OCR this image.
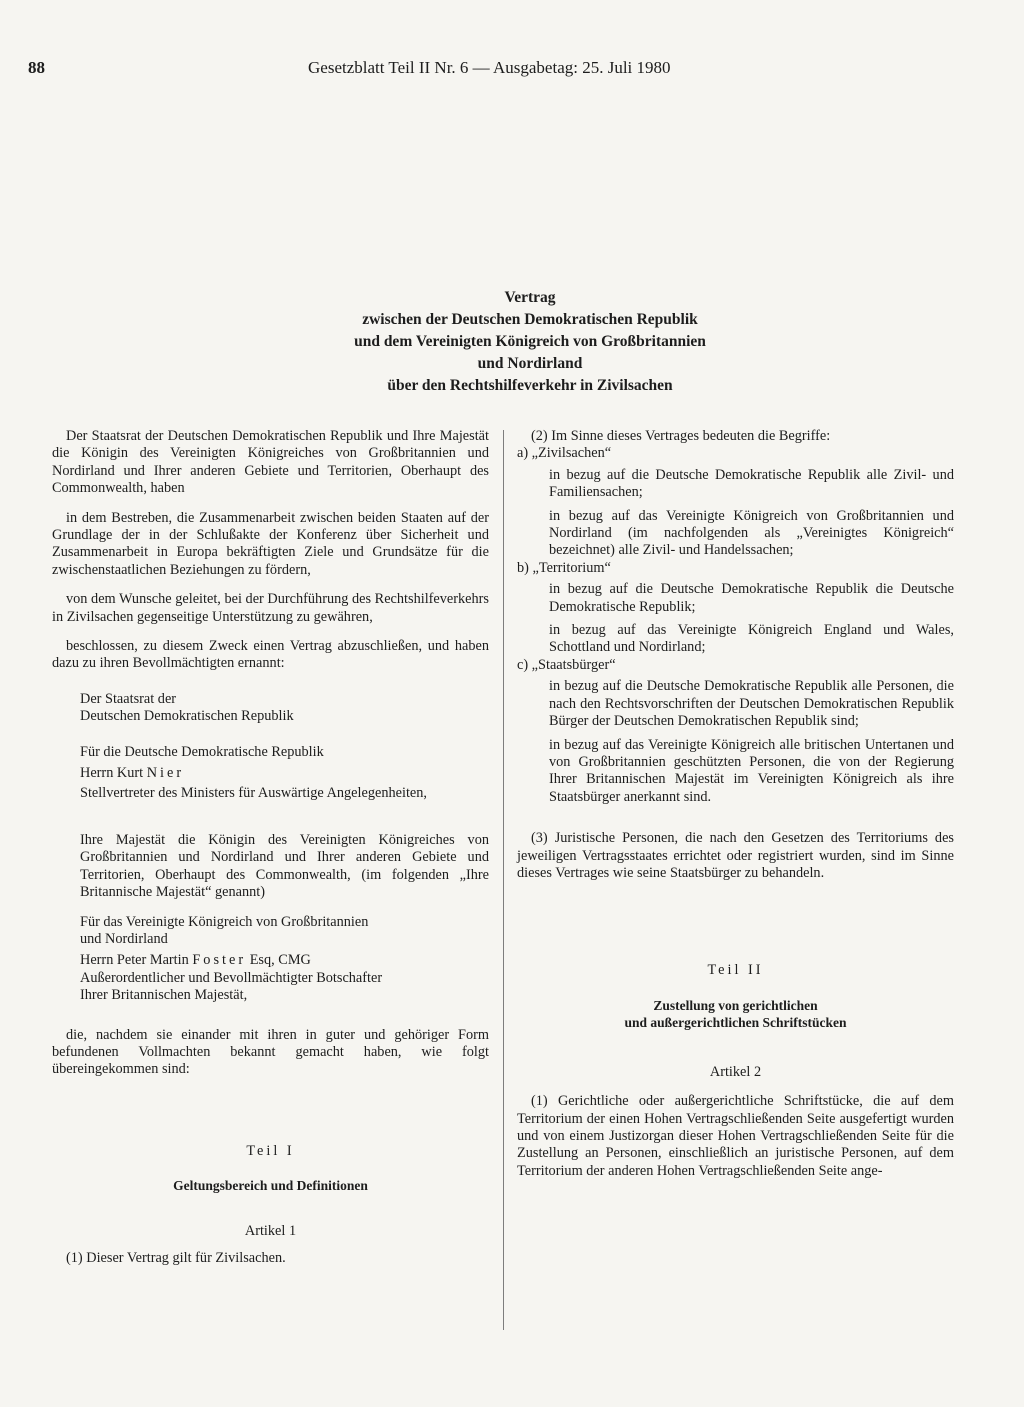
88	Gesetzblatt Teil II Nr. 6 — Ausgabetag: 25. Juli 1980
Vertrag
zwischen der Deutschen Demokratischen Republik
und dem Vereinigten Königreich von Großbritannien
und Nordirland
über den Rechtshilfeverkehr in Zivilsachen

Der Staatsrat der Deutschen Demokratischen Republik und Ihre Majestät die Königin des Vereinigten Königreiches von Großbritannien und Nordirland und Ihrer anderen Gebiete und Territorien, Oberhaupt des Commonwealth, haben

in dem Bestreben, die Zusammenarbeit zwischen beiden Staaten auf der Grundlage der in der Schlußakte der Konferenz über Sicherheit und Zusammenarbeit in Europa bekräftigten Ziele und Grundsätze für die zwischenstaatlichen Beziehungen zu fördern,

von dem Wunsche geleitet, bei der Durchführung des Rechtshilfeverkehrs in Zivilsachen gegenseitige Unterstützung zu gewähren,

beschlossen, zu diesem Zweck einen Vertrag abzuschließen, und haben dazu zu ihren Bevollmächtigten ernannt:

Der Staatsrat der
Deutschen Demokratischen Republik
Für die Deutsche Demokratische Republik
Herrn Kurt Nier

Stellvertreter des Ministers für Auswärtige Angelegenheiten,

Ihre Majestät die Königin des Vereinigten Königreiches von Großbritannien und Nordirland und Ihrer anderen Gebiete und Territorien, Oberhaupt des Commonwealth, (im folgenden „Ihre Britannische Majestät“ genannt)

Für das Vereinigte Königreich von Großbritannien
und Nordirland
Herrn Peter Martin Foster Esq, CMG
Außerordentlicher und Bevollmächtigter Botschafter
Ihrer Britannischen Majestät,

die, nachdem sie einander mit ihren in guter und gehöriger Form befundenen Vollmachten bekannt gemacht haben, wie folgt übereingekommen sind:

Teil I
Geltungsbereich und Definitionen
Artikel 1

(1) Dieser Vertrag gilt für Zivilsachen.

(2) Im Sinne dieses Vertrages bedeuten die Begriffe:

a) „Zivilsachen“

in bezug auf die Deutsche Demokratische Republik alle Zivil- und Familiensachen;

in bezug auf das Vereinigte Königreich von Großbritannien und Nordirland (im nachfolgenden als „Vereinigtes Königreich“ bezeichnet) alle Zivil- und Handelssachen;

b) „Territorium“

in bezug auf die Deutsche Demokratische Republik die Deutsche Demokratische Republik;

in bezug auf das Vereinigte Königreich England und Wales, Schottland und Nordirland;

c) „Staatsbürger“

in bezug auf die Deutsche Demokratische Republik alle Personen, die nach den Rechtsvorschriften der Deutschen Demokratischen Republik Bürger der Deutschen Demokratischen Republik sind;

in bezug auf das Vereinigte Königreich alle britischen Untertanen und von Großbritannien geschützten Personen, die von der Regierung Ihrer Britannischen Majestät im Vereinigten Königreich als ihre Staatsbürger anerkannt sind.

(3) Juristische Personen, die nach den Gesetzen des Territoriums des jeweiligen Vertragsstaates errichtet oder registriert wurden, sind im Sinne dieses Vertrages wie seine Staatsbürger zu behandeln.

Teil II
Zustellung von gerichtlichen
und außergerichtlichen Schriftstücken
Artikel 2

(1) Gerichtliche oder außergerichtliche Schriftstücke, die auf dem Territorium der einen Hohen Vertragschließenden Seite ausgefertigt wurden und von einem Justizorgan dieser Hohen Vertragschließenden Seite für die Zustellung an Personen, einschließlich an juristische Personen, auf dem Territorium der anderen Hohen Vertragschließenden Seite ange-
